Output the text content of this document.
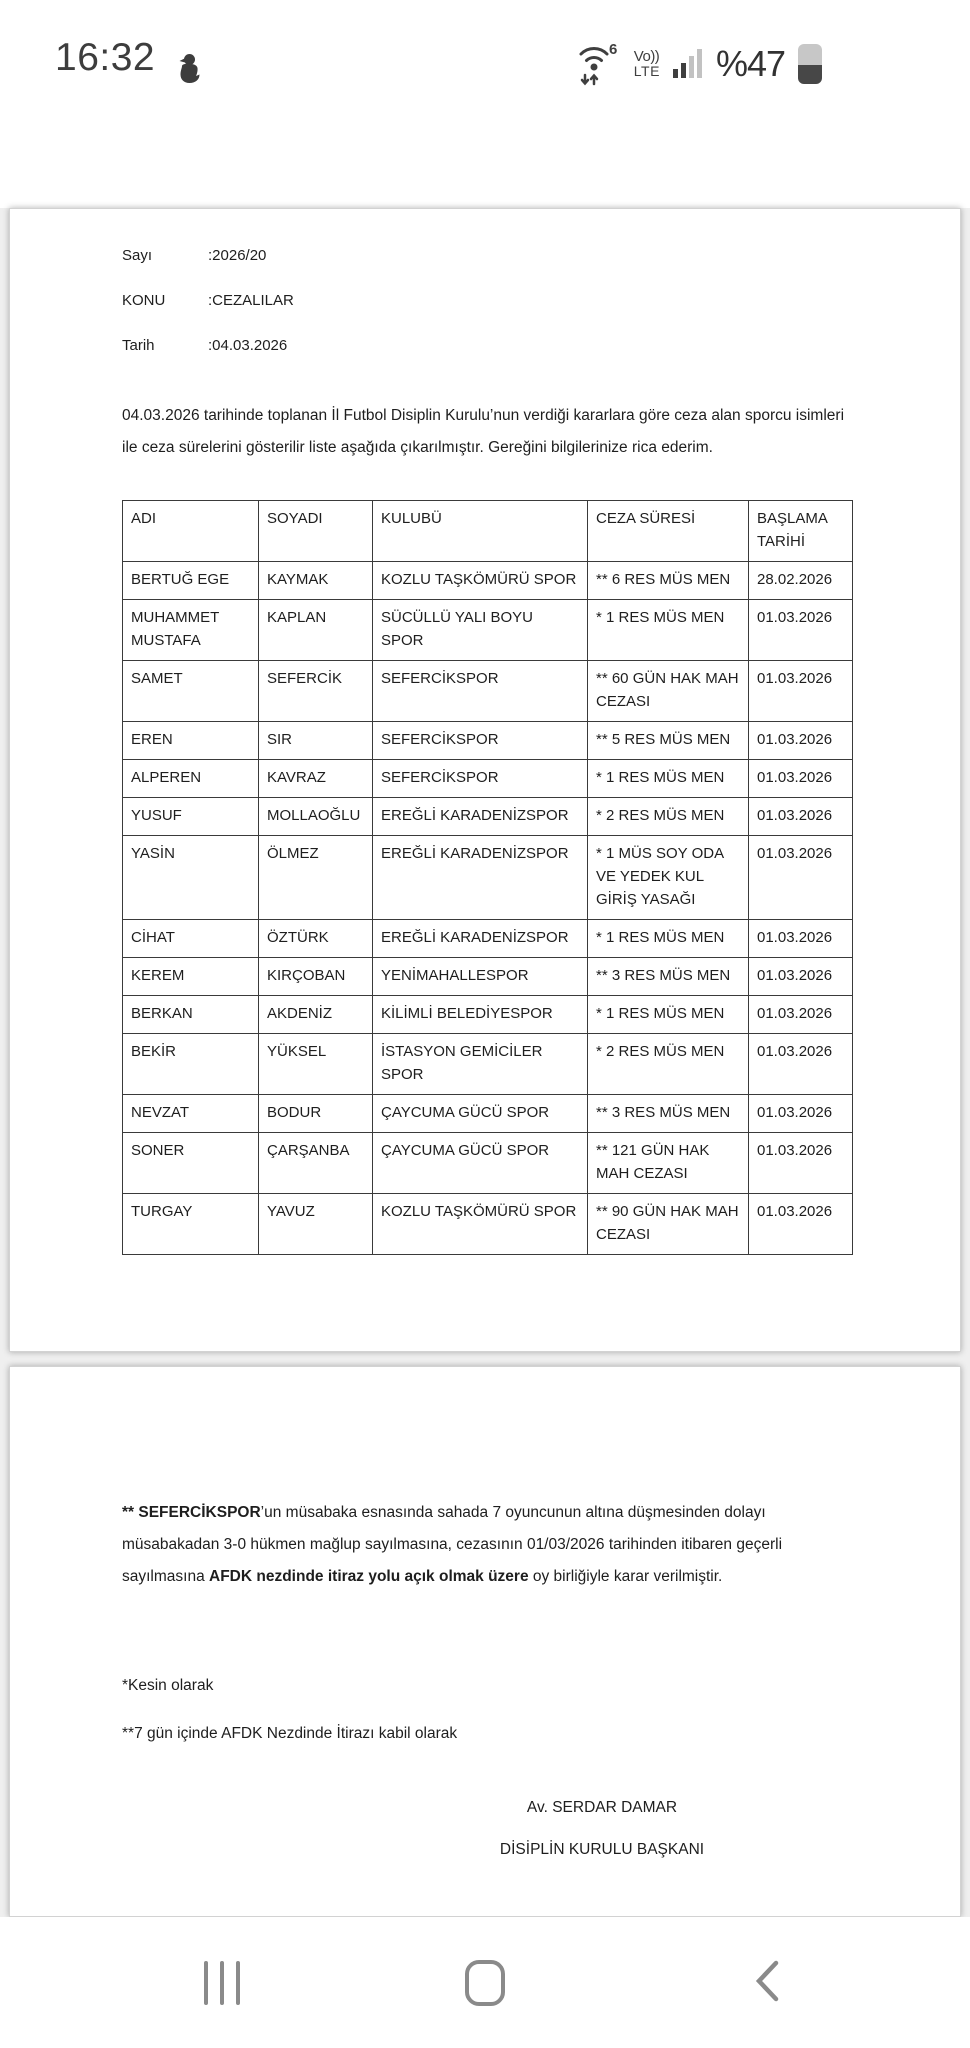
16:32	6 Vo))
LTE %47
Sayı	:2026/20
KONU	:CEZALILAR
Tarih	:04.03.2026

04.03.2026 tarihinde toplanan İl Futbol Disiplin Kurulu’nun verdiği kararlara göre ceza alan sporcu isimleri ile ceza sürelerini gösterilir liste aşağıda çıkarılmıştır. Gereğini bilgilerinize rica ederim.

ADI	SOYADI	KULUBÜ	CEZA SÜRESİ	BAŞLAMA TARİHİ
BERTUĞ EGE	KAYMAK	KOZLU TAŞKÖMÜRÜ SPOR	** 6 RES MÜS MEN	28.02.2026
MUHAMMET MUSTAFA	KAPLAN	SÜCÜLLÜ YALI BOYU SPOR	* 1 RES MÜS MEN	01.03.2026
SAMET	SEFERCİK	SEFERCİKSPOR	** 60 GÜN HAK MAH CEZASI	01.03.2026
EREN	SIR	SEFERCİKSPOR	** 5 RES MÜS MEN	01.03.2026
ALPEREN	KAVRAZ	SEFERCİKSPOR	* 1 RES MÜS MEN	01.03.2026
YUSUF	MOLLAOĞLU	EREĞLİ KARADENİZSPOR	* 2 RES MÜS MEN	01.03.2026
YASİN	ÖLMEZ	EREĞLİ KARADENİZSPOR	* 1 MÜS SOY ODA VE YEDEK KUL GİRİŞ YASAĞI	01.03.2026
CİHAT	ÖZTÜRK	EREĞLİ KARADENİZSPOR	* 1 RES MÜS MEN	01.03.2026
KEREM	KIRÇOBAN	YENİMAHALLESPOR	** 3 RES MÜS MEN	01.03.2026
BERKAN	AKDENİZ	KİLİMLİ BELEDİYESPOR	* 1 RES MÜS MEN	01.03.2026
BEKİR	YÜKSEL	İSTASYON GEMİCİLER SPOR	* 2 RES MÜS MEN	01.03.2026
NEVZAT	BODUR	ÇAYCUMA GÜCÜ SPOR	** 3 RES MÜS MEN	01.03.2026
SONER	ÇARŞANBA	ÇAYCUMA GÜCÜ SPOR	** 121 GÜN HAK MAH CEZASI	01.03.2026
TURGAY	YAVUZ	KOZLU TAŞKÖMÜRÜ SPOR	** 90 GÜN HAK MAH CEZASI	01.03.2026

** SEFERCİKSPOR’un müsabaka esnasında sahada 7 oyuncunun altına düşmesinden dolayı müsabakadan 3-0 hükmen mağlup sayılmasına, cezasının 01/03/2026 tarihinden itibaren geçerli sayılmasına AFDK nezdinde itiraz yolu açık olmak üzere oy birliğiyle karar verilmiştir.

*Kesin olarak

**7 gün içinde AFDK Nezdinde İtirazı kabil olarak

Av. SERDAR DAMAR
DİSİPLİN KURULU BAŞKANI
